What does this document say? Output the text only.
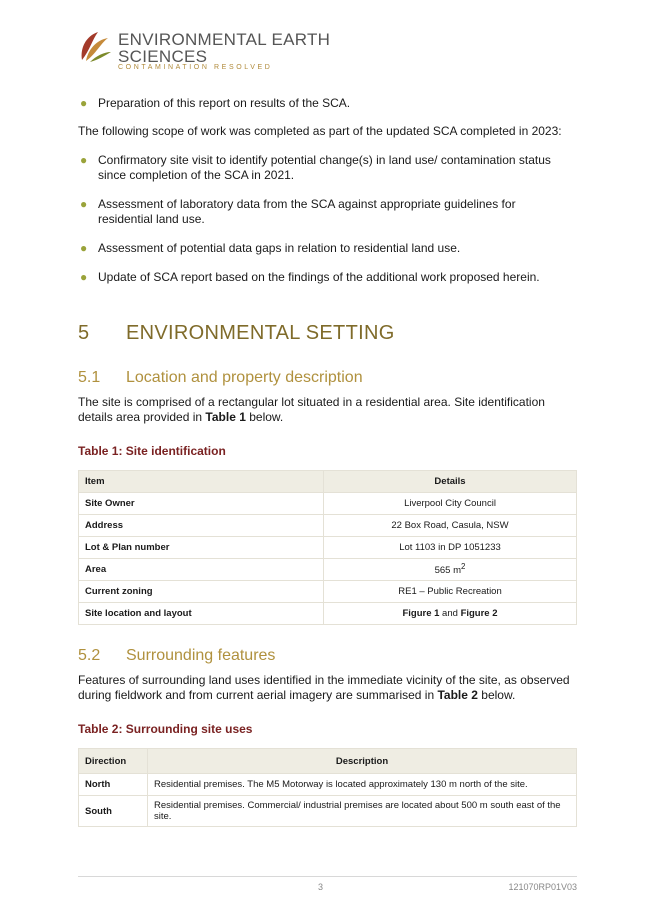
ENVIRONMENTAL EARTH
SCIENCES
CONTAMINATION RESOLVED
● Preparation of this report on results of the SCA.
The following scope of work was completed as part of the updated SCA completed in 2023:
● Confirmatory site visit to identify potential change(s) in land use/ contamination status since completion of the SCA in 2021.
● Assessment of laboratory data from the SCA against appropriate guidelines for residential land use.
● Assessment of potential data gaps in relation to residential land use.
● Update of SCA report based on the findings of the additional work proposed herein.
5 ENVIRONMENTAL SETTING
5.1 Location and property description
The site is comprised of a rectangular lot situated in a residential area. Site identification details area provided in Table 1 below.
Table 1: Site identification
Item	Details
Site Owner	Liverpool City Council
Address	22 Box Road, Casula, NSW
Lot & Plan number	Lot 1103 in DP 1051233
Area	565 $m^2$
Current zoning	RE1 – Public Recreation
Site location and layout	Figure 1 and Figure 2
5.2 Surrounding features
Features of surrounding land uses identified in the immediate vicinity of the site, as observed during fieldwork and from current aerial imagery are summarised in Table 2 below.
Table 2: Surrounding site uses
Direction	Description
North	Residential premises. The M5 Motorway is located approximately 130 m north of the site.
South	Residential premises. Commercial/ industrial premises are located about 500 m south east of the site.
3	121070RP01V03
